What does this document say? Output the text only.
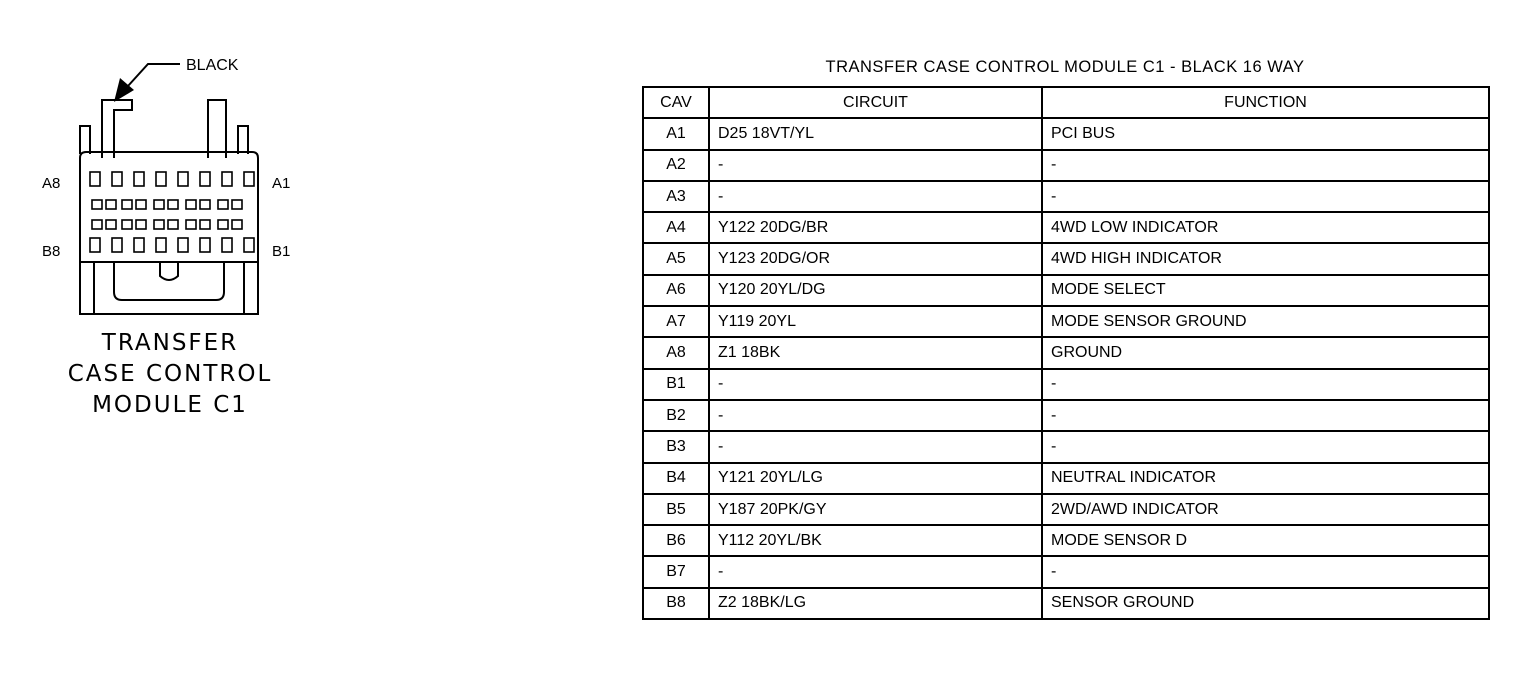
BLACK
A8	A1
B8	B1
TRANSFER
CASE CONTROL
MODULE C1
TRANSFER CASE CONTROL MODULE C1 - BLACK 16 WAY
CAV	CIRCUIT	FUNCTION
A1	D25 18VT/YL	PCI BUS
A2	-	-
A3	-	-
A4	Y122 20DG/BR	4WD LOW INDICATOR
A5	Y123 20DG/OR	4WD HIGH INDICATOR
A6	Y120 20YL/DG	MODE SELECT
A7	Y119 20YL	MODE SENSOR GROUND
A8	Z1 18BK	GROUND
B1	-	-
B2	-	-
B3	-	-
B4	Y121 20YL/LG	NEUTRAL INDICATOR
B5	Y187 20PK/GY	2WD/AWD INDICATOR
B6	Y112 20YL/BK	MODE SENSOR D
B7	-	-
B8	Z2 18BK/LG	SENSOR GROUND
